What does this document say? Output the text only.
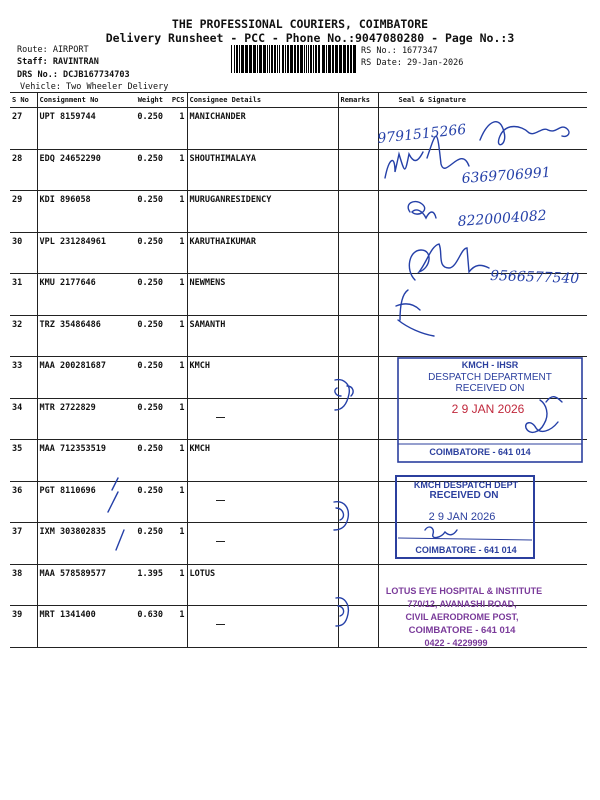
THE PROFESSIONAL COURIERS, COIMBATORE
Delivery Runsheet - PCC - Phone No.:9047080280 - Page No.:3
Route: AIRPORT
Staff: RAVINTRAN
DRS No.: DCJB167734703
Vehicle: Two Wheeler Delivery
RS No.: 1677347
RS Date: 29-Jan-2026
S No	Consignment No	Weight	PCS	Consignee Details	Remarks	Seal & Signature
27	UPT 8159744	0.250	1	MANICHANDER		
28	EDQ 24652290	0.250	1	SHOUTHIMALAYA		
29	KDI 896058	0.250	1	MURUGANRESIDENCY		
30	VPL 231284961	0.250	1	KARUTHAIKUMAR		
31	KMU 2177646	0.250	1	NEWMENS		
32	TRZ 35486486	0.250	1	SAMANTH		
33	MAA 200281687	0.250	1	KMCH		
34	MTR 2722829	0.250	1			
35	MAA 712353519	0.250	1	KMCH		
36	PGT 8110696	0.250	1			
37	IXM 303802835	0.250	1			
38	MAA 578589577	1.395	1	LOTUS		
39	MRT 1341400	0.630	1			
9791515266
6369706991
8220004082
9566577540
KMCH - IHSR
DESPATCH DEPARTMENT
RECEIVED ON
2 9 JAN 2026
COIMBATORE - 641 014
KMCH DESPATCH DEPT
RECEIVED ON
2 9 JAN 2026
COIMBATORE - 641 014
LOTUS EYE HOSPITAL & INSTITUTE
770/12, AVANASHI ROAD,
CIVIL AERODROME POST,
COIMBATORE - 641 014
0422 - 4229999
